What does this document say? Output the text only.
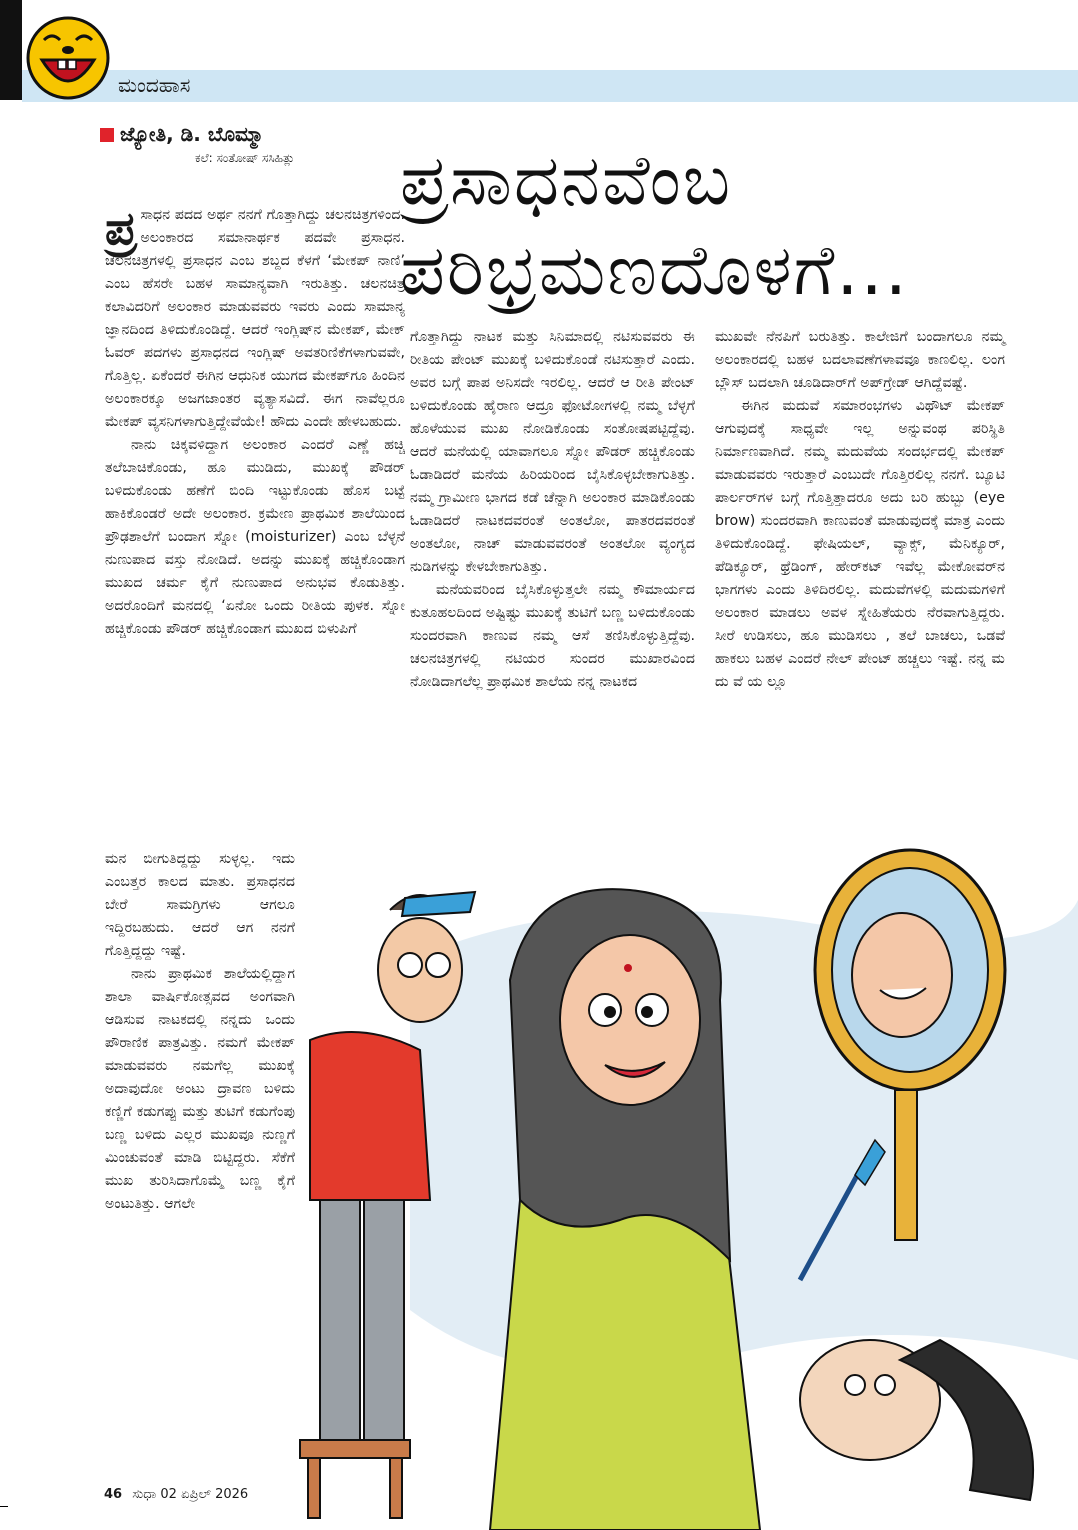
ಮಂದಹಾಸ
ಜ್ಯೋತಿ, ಡಿ. ಬೊಮ್ಮಾ
ಕಲೆ: ಸಂತೋಷ್ ಸಸಿಹಿತ್ಲು ಪ್ರಸಾಧನವೆಂಬ
ಪರಿಭ್ರಮಣದೊಳಗೆ...

ಪ್ರ ಸಾಧನ ಪದದ ಅರ್ಥ ನನಗೆ ಗೊತ್ತಾಗಿದ್ದು ಚಲನಚಿತ್ರಗಳಿಂದ. ಅಲಂಕಾರದ ಸಮಾನಾರ್ಥಕ ಪದವೇ ಪ್ರಸಾಧನ. ಚಲನಚಿತ್ರಗಳಲ್ಲಿ ಪ್ರಸಾಧನ ಎಂಬ ಶಬ್ದದ ಕೆಳಗೆ ‘ಮೇಕಪ್ ನಾಣಿ’ ಎಂಬ ಹೆಸರೇ ಬಹಳ ಸಾಮಾನ್ಯವಾಗಿ ಇರುತಿತ್ತು. ಚಲನಚಿತ್ರ ಕಲಾವಿದರಿಗೆ ಅಲಂಕಾರ ಮಾಡುವವರು ಇವರು ಎಂದು ಸಾಮಾನ್ಯ ಜ್ಞಾನದಿಂದ ತಿಳಿದುಕೊಂಡಿದ್ದೆ. ಆದರೆ ಇಂಗ್ಲಿಷ್‌ನ ಮೇಕಪ್, ಮೇಕ್ ಓವರ್ ಪದಗಳು ಪ್ರಸಾಧನದ ಇಂಗ್ಲಿಷ್ ಅವತರಿಣಿಕೆಗಳಾಗುವವೇ, ಗೊತ್ತಿಲ್ಲ. ಏಕೆಂದರೆ ಈಗಿನ ಆಧುನಿಕ ಯುಗದ ಮೇಕಪ್‌ಗೂ ಹಿಂದಿನ ಅಲಂಕಾರಕ್ಕೂ ಅಜಗಜಾಂತರ ವ್ಯತ್ಯಾಸವಿದೆ. ಈಗ ನಾವೆಲ್ಲರೂ ಮೇಕಪ್ ವ್ಯಸನಿಗಳಾಗುತ್ತಿದ್ದೇವೆಯೇ! ಹೌದು ಎಂದೇ ಹೇಳಬಹುದು.

ನಾನು ಚಿಕ್ಕವಳಿದ್ದಾಗ ಅಲಂಕಾರ ಎಂದರೆ ಎಣ್ಣೆ ಹಚ್ಚಿ ತಲೆಬಾಚಿಕೊಂಡು, ಹೂ ಮುಡಿದು, ಮುಖಕ್ಕೆ ಪೌಡರ್ ಬಳಿದುಕೊಂಡು ಹಣೆಗೆ ಬಿಂದಿ ಇಟ್ಟುಕೊಂಡು ಹೊಸ ಬಟ್ಟೆ ಹಾಕಿಕೊಂಡರೆ ಅದೇ ಅಲಂಕಾರ. ಕ್ರಮೇಣ ಪ್ರಾಥಮಿಕ ಶಾಲೆಯಿಂದ ಪ್ರೌಢಶಾಲೆಗೆ ಬಂದಾಗ ಸ್ನೋ (moisturizer) ಎಂಬ ಬೆಳ್ಳನೆ ನುಣುಪಾದ ವಸ್ತು ನೋಡಿದೆ. ಅದನ್ನು ಮುಖಕ್ಕೆ ಹಚ್ಚಿಕೊಂಡಾಗ ಮುಖದ ಚರ್ಮ ಕೈಗೆ ನುಣುಪಾದ ಅನುಭವ ಕೊಡುತಿತ್ತು. ಅದರೊಂದಿಗೆ ಮನದಲ್ಲಿ ‘ಏನೋ ಒಂದು ರೀತಿಯ ಪುಳಕ. ಸ್ನೋ ಹಚ್ಚಿಕೊಂಡು ಪೌಡರ್ ಹಚ್ಚಿಕೊಂಡಾಗ ಮುಖದ ಬಿಳುಪಿಗೆ

ಮನ ಬೀಗುತಿದ್ದದ್ದು ಸುಳ್ಳಲ್ಲ. ಇದು ಎಂಬತ್ತರ ಕಾಲದ ಮಾತು. ಪ್ರಸಾಧನದ ಬೇರೆ ಸಾಮಗ್ರಿಗಳು ಆಗಲೂ ಇದ್ದಿರಬಹುದು. ಆದರೆ ಆಗ ನನಗೆ ಗೊತ್ತಿದ್ದದ್ದು ಇಷ್ಟೆ.

ನಾನು ಪ್ರಾಥಮಿಕ ಶಾಲೆಯಲ್ಲಿದ್ದಾಗ ಶಾಲಾ ವಾರ್ಷಿಕೋತ್ಸವದ ಅಂಗವಾಗಿ ಆಡಿಸುವ ನಾಟಕದಲ್ಲಿ ನನ್ನದು ಒಂದು ಪೌರಾಣಿಕ ಪಾತ್ರವಿತ್ತು. ನಮಗೆ ಮೇಕಪ್ ಮಾಡುವವರು ನಮಗೆಲ್ಲ ಮುಖಕ್ಕೆ ಅದಾವುದೋ ಅಂಟು ದ್ರಾವಣ ಬಳಿದು ಕಣ್ಣಿಗೆ ಕಡುಗಪ್ಪು ಮತ್ತು ತುಟಿಗೆ ಕಡುಗೆಂಪು ಬಣ್ಣ ಬಳಿದು ಎಲ್ಲರ ಮುಖವೂ ನುಣ್ಣಗೆ ಮಿಂಚುವಂತೆ ಮಾಡಿ ಬಿಟ್ಟಿದ್ದರು. ಸೆಕೆಗೆ ಮುಖ ತುರಿಸಿದಾಗೊಮ್ಮೆ ಬಣ್ಣ ಕೈಗೆ ಅಂಟುತಿತ್ತು. ಆಗಲೇ

ಗೊತ್ತಾಗಿದ್ದು ನಾಟಕ ಮತ್ತು ಸಿನಿಮಾದಲ್ಲಿ ನಟಿಸುವವರು ಈ ರೀತಿಯ ಪೇಂಟ್ ಮುಖಕ್ಕೆ ಬಳಿದುಕೊಂಡೆ ನಟಿಸುತ್ತಾರೆ ಎಂದು. ಅವರ ಬಗ್ಗೆ ಪಾಪ ಅನಿಸದೇ ಇರಲಿಲ್ಲ. ಆದರೆ ಆ ರೀತಿ ಪೇಂಟ್ ಬಳಿದುಕೊಂಡು ಹೈರಾಣ ಆದ್ರೂ ಫೋಟೋಗಳಲ್ಲಿ ನಮ್ಮ ಬೆಳ್ಳಗೆ ಹೊಳೆಯುವ ಮುಖ ನೋಡಿಕೊಂಡು ಸಂತೋಷಪಟ್ಟಿದ್ದೆವು. ಆದರೆ ಮನೆಯಲ್ಲಿ ಯಾವಾಗಲೂ ಸ್ನೋ ಪೌಡರ್ ಹಚ್ಚಿಕೊಂಡು ಓಡಾಡಿದರೆ ಮನೆಯ ಹಿರಿಯರಿಂದ ಬೈಸಿಕೊಳ್ಳಬೇಕಾಗುತಿತ್ತು. ನಮ್ಮ ಗ್ರಾಮೀಣ ಭಾಗದ ಕಡೆ ಚೆನ್ನಾಗಿ ಅಲಂಕಾರ ಮಾಡಿಕೊಂಡು ಓಡಾಡಿದರೆ ನಾಟಕದವರಂತೆ ಅಂತಲೋ, ಪಾತರದವರಂತೆ ಅಂತಲೋ, ನಾಚ್ ಮಾಡುವವರಂತೆ ಅಂತಲೋ ವ್ಯಂಗ್ಯದ ನುಡಿಗಳನ್ನು ಕೇಳಬೇಕಾಗುತಿತ್ತು.

ಮನೆಯವರಿಂದ ಬೈಸಿಕೊಳ್ಳುತ್ತಲೇ ನಮ್ಮ ಕೌಮಾರ್ಯದ ಕುತೂಹಲದಿಂದ ಅಷ್ಟಿಷ್ಟು ಮುಖಕ್ಕೆ ತುಟಿಗೆ ಬಣ್ಣ ಬಳಿದುಕೊಂಡು ಸುಂದರವಾಗಿ ಕಾಣುವ ನಮ್ಮ ಆಸೆ ತಣಿಸಿಕೊಳ್ಳುತ್ತಿದ್ದೆವು. ಚಲನಚಿತ್ರಗಳಲ್ಲಿ ನಟಿಯರ ಸುಂದರ ಮುಖಾರವಿಂದ ನೋಡಿದಾಗಲೆಲ್ಲ ಪ್ರಾಥಮಿಕ ಶಾಲೆಯ ನನ್ನ ನಾಟಕದ

ಮುಖವೇ ನೆನಪಿಗೆ ಬರುತಿತ್ತು. ಕಾಲೇಜಿಗೆ ಬಂದಾಗಲೂ ನಮ್ಮ ಅಲಂಕಾರದಲ್ಲಿ ಬಹಳ ಬದಲಾವಣೆಗಳಾವವೂ ಕಾಣಲಿಲ್ಲ. ಲಂಗ ಬ್ಲೌಸ್ ಬದಲಾಗಿ ಚೂಡಿದಾರ್‌ಗೆ ಅಪ್‌ಗ್ರೇಡ್ ಆಗಿದ್ದೆವಷ್ಟೆ.

ಈಗಿನ ಮದುವೆ ಸಮಾರಂಭಗಳು ವಿಥೌಟ್ ಮೇಕಪ್ ಆಗುವುದಕ್ಕೆ ಸಾಧ್ಯವೇ ಇಲ್ಲ ಅನ್ನುವಂಥ ಪರಿಸ್ಥಿತಿ ನಿರ್ಮಾಣವಾಗಿದೆ. ನಮ್ಮ ಮದುವೆಯ ಸಂದರ್ಭದಲ್ಲಿ ಮೇಕಪ್ ಮಾಡುವವರು ಇರುತ್ತಾರೆ ಎಂಬುದೇ ಗೊತ್ತಿರಲಿಲ್ಲ ನನಗೆ. ಬ್ಯೂಟಿ ಪಾರ್ಲರ್‌ಗಳ ಬಗ್ಗೆ ಗೊತ್ತಿತ್ತಾದರೂ ಅದು ಬರಿ ಹುಬ್ಬು (eye brow) ಸುಂದರವಾಗಿ ಕಾಣುವಂತೆ ಮಾಡುವುದಕ್ಕೆ ಮಾತ್ರ ಎಂದು ತಿಳಿದುಕೊಂಡಿದ್ದೆ. ಫೇಷಿಯಲ್, ವ್ಯಾಕ್ಸ್, ಮೆನಿಕ್ಯೂರ್, ಪೆಡಿಕ್ಯೂರ್, ಥ್ರೆಡಿಂಗ್, ಹೇರ್‌ಕಟ್ ಇವೆಲ್ಲ ಮೇಕೋವರ್‌ನ ಭಾಗಗಳು ಎಂದು ತಿಳಿದಿರಲಿಲ್ಲ. ಮದುವೆಗಳಲ್ಲಿ ಮದುಮಗಳಿಗೆ ಅಲಂಕಾರ ಮಾಡಲು ಅವಳ ಸ್ನೇಹಿತೆಯರು ನೆರವಾಗುತ್ತಿದ್ದರು. ಸೀರೆ ಉಡಿಸಲು, ಹೂ ಮುಡಿಸಲು , ತಲೆ ಬಾಚಲು, ಒಡವೆ ಹಾಕಲು ಬಹಳ ಎಂದರೆ ನೇಲ್ ಪೇಂಟ್ ಹಚ್ಚಲು ಇಷ್ಟೆ. ನನ್ನ ಮ ದು ವೆ ಯ ಲ್ಲೂ

46 ಸುಧಾ 02 ಏಪ್ರಿಲ್ 2026
